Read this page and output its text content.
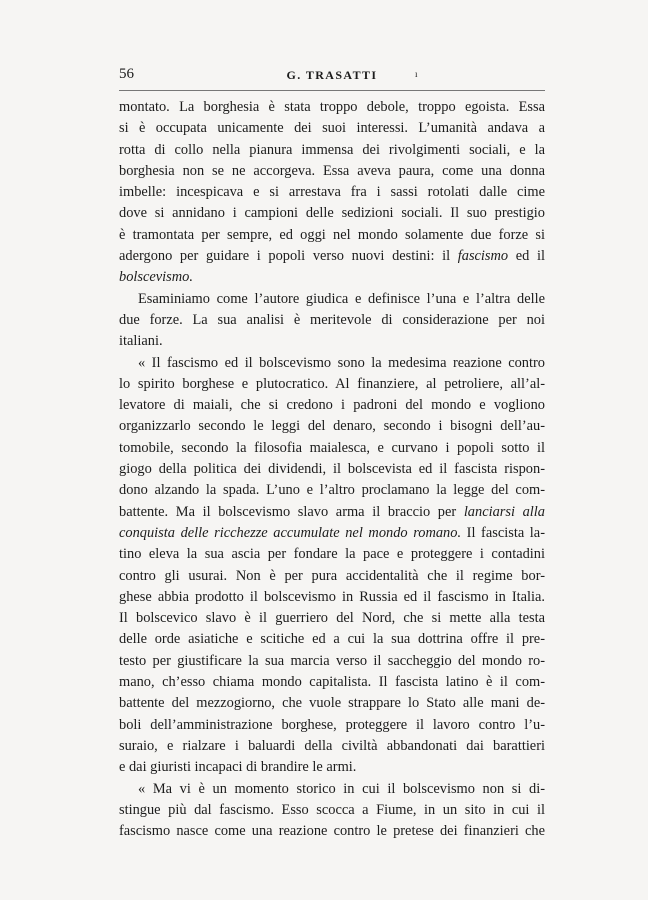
56	G. TRASATTI	ı
montato. La borghesia è stata troppo debole, troppo egoista. Essa
si è occupata unicamente dei suoi interessi. L’umanità andava a
rotta di collo nella pianura immensa dei rivolgimenti sociali, e la
borghesia non se ne accorgeva. Essa aveva paura, come una donna
imbelle: incespicava e si arrestava fra i sassi rotolati dalle cime
dove si annidano i campioni delle sedizioni sociali. Il suo prestigio
è tramontata per sempre, ed oggi nel mondo solamente due forze si
adergono per guidare i popoli verso nuovi destini: il fascismo ed il
bolscevismo.
Esaminiamo come l’autore giudica e definisce l’una e l’altra delle
due forze. La sua analisi è meritevole di considerazione per noi
italiani.
« Il fascismo ed il bolscevismo sono la medesima reazione contro
lo spirito borghese e plutocratico. Al finanziere, al petroliere, all’al-
levatore di maiali, che si credono i padroni del mondo e vogliono
organizzarlo secondo le leggi del denaro, secondo i bisogni dell’au-
tomobile, secondo la filosofia maialesca, e curvano i popoli sotto il
giogo della politica dei dividendi, il bolscevista ed il fascista rispon-
dono alzando la spada. L’uno e l’altro proclamano la legge del com-
battente. Ma il bolscevismo slavo arma il braccio per lanciarsi alla
conquista delle ricchezze accumulate nel mondo romano. Il fascista la-
tino eleva la sua ascia per fondare la pace e proteggere i contadini
contro gli usurai. Non è per pura accidentalità che il regime bor-
ghese abbia prodotto il bolscevismo in Russia ed il fascismo in Italia.
Il bolscevico slavo è il guerriero del Nord, che si mette alla testa
delle orde asiatiche e scitiche ed a cui la sua dottrina offre il pre-
testo per giustificare la sua marcia verso il saccheggio del mondo ro-
mano, ch’esso chiama mondo capitalista. Il fascista latino è il com-
battente del mezzogiorno, che vuole strappare lo Stato alle mani de-
boli dell’amministrazione borghese, proteggere il lavoro contro l’u-
suraio, e rialzare i baluardi della civiltà abbandonati dai barattieri
e dai giuristi incapaci di brandire le armi.
« Ma vi è un momento storico in cui il bolscevismo non si di-
stingue più dal fascismo. Esso scocca a Fiume, in un sito in cui il
fascismo nasce come una reazione contro le pretese dei finanzieri che
